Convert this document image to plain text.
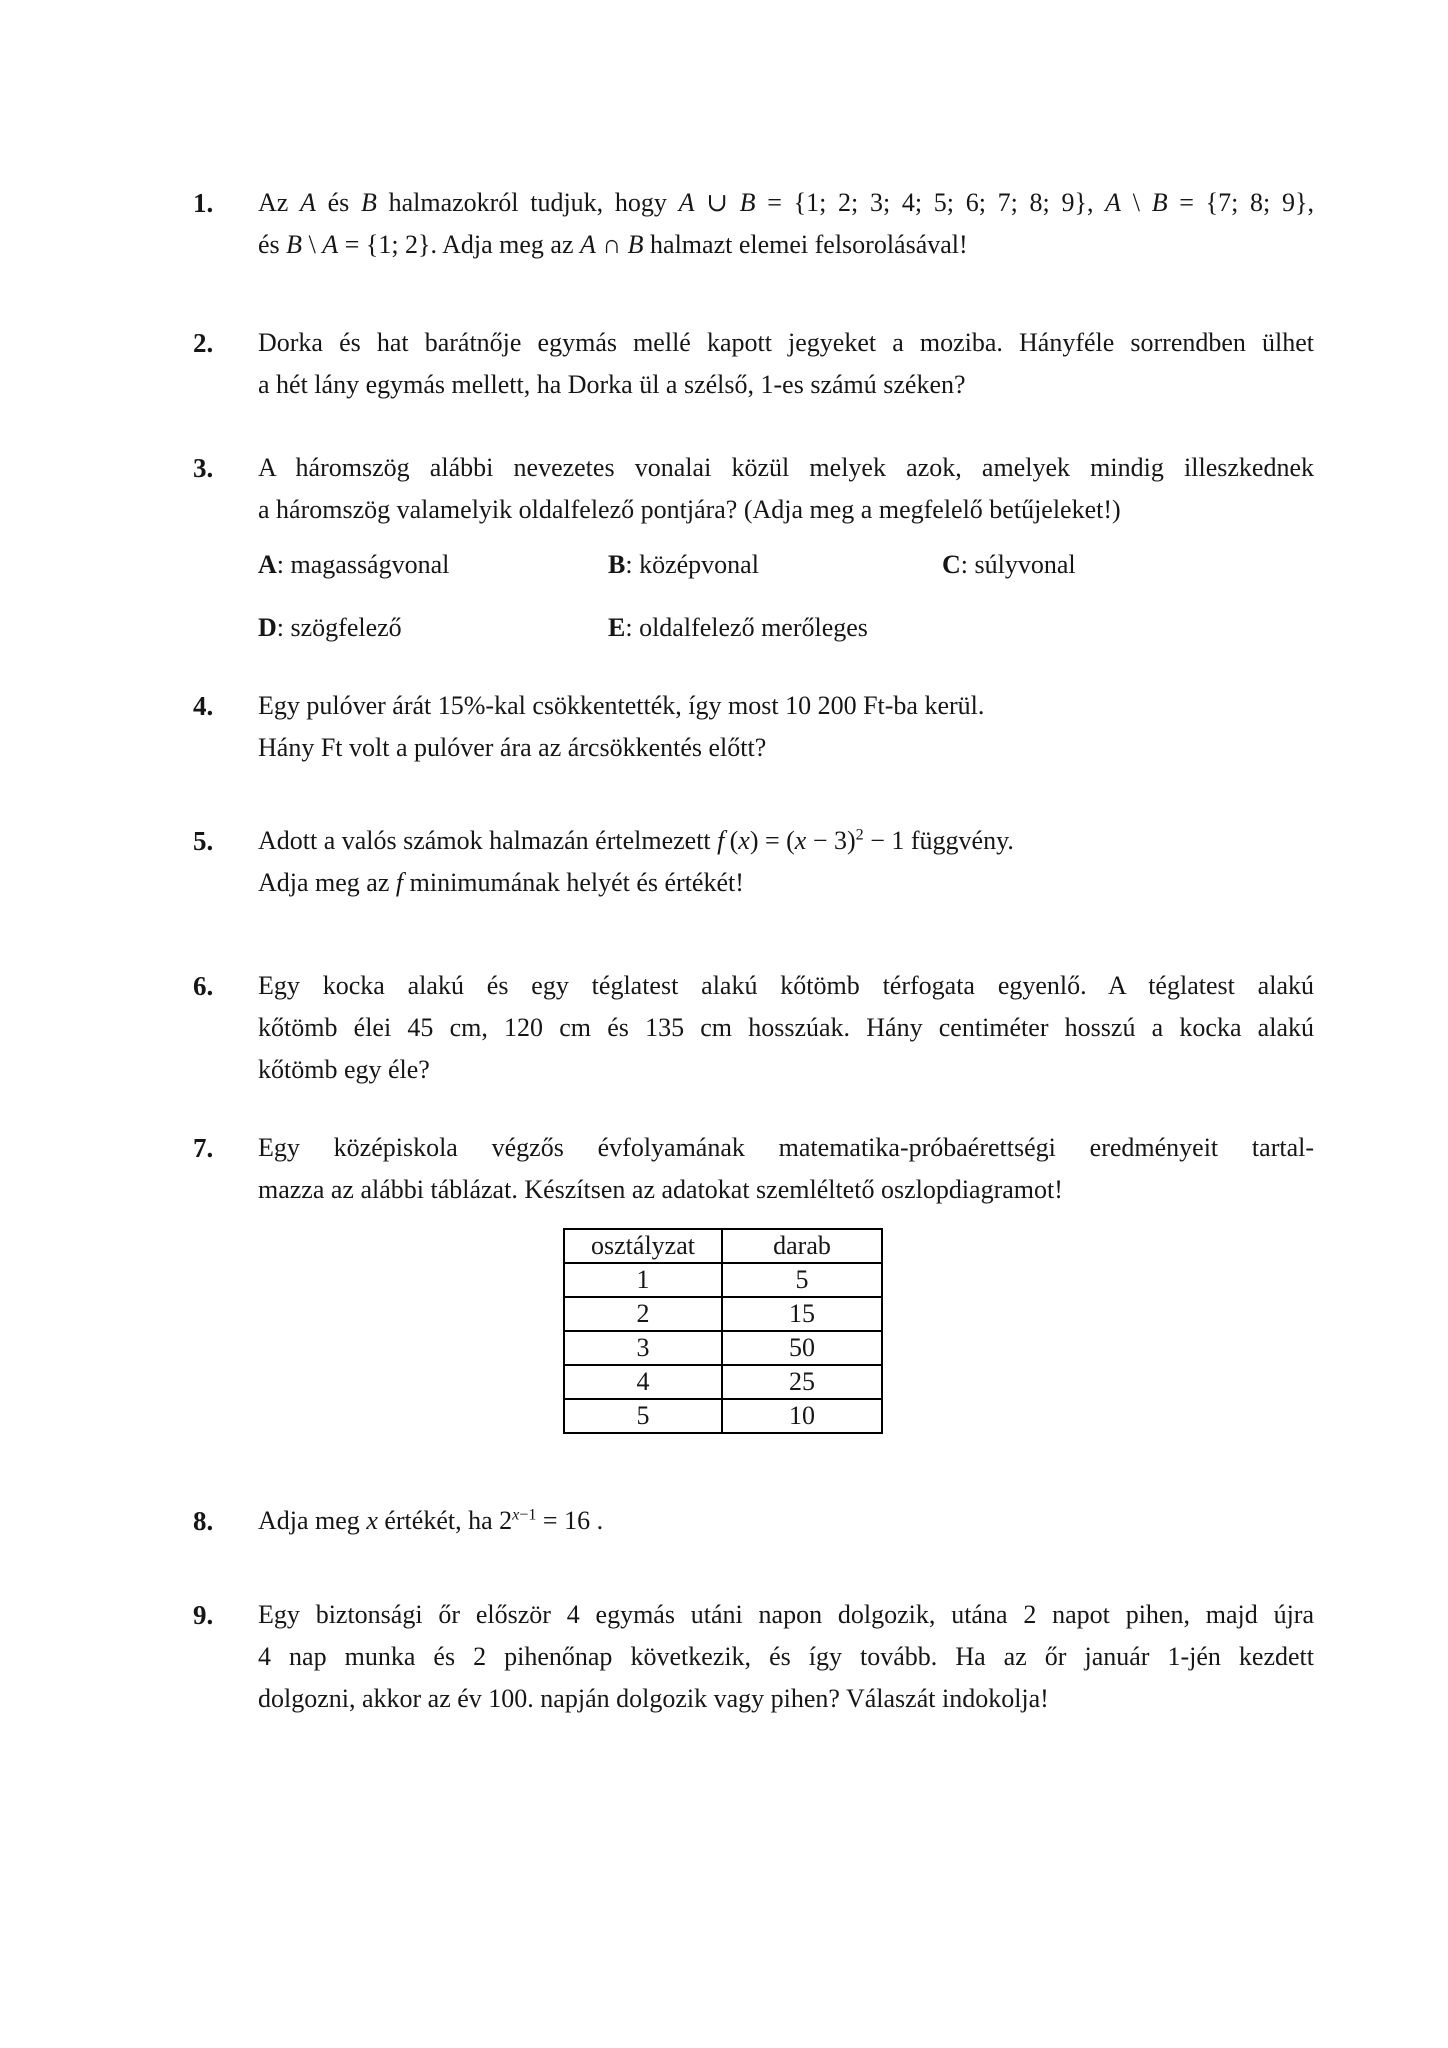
1. Az A és B halmazokról tudjuk, hogy A ∪ B = {1; 2; 3; 4; 5; 6; 7; 8; 9}, A \ B = {7; 8; 9},
és B \ A = {1; 2}. Adja meg az A ∩ B halmazt elemei felsorolásával!
2. Dorka és hat barátnője egymás mellé kapott jegyeket a moziba. Hányféle sorrendben ülhet
a hét lány egymás mellett, ha Dorka ül a szélső, 1-es számú széken?
3. A háromszög alábbi nevezetes vonalai közül melyek azok, amelyek mindig illeszkednek
a háromszög valamelyik oldalfelező pontjára? (Adja meg a megfelelő betűjeleket!)
A: magasságvonal	B: középvonal	C: súlyvonal
D: szögfelező	E: oldalfelező merőleges
4. Egy pulóver árát 15%-kal csökkentették, így most 10 200 Ft-ba kerül.
Hány Ft volt a pulóver ára az árcsökkentés előtt?
5. Adott a valós számok halmazán értelmezett f $(x) = (x - 3)^2 - 1$ függvény.
Adja meg az f minimumának helyét és értékét!
6. Egy kocka alakú és egy téglatest alakú kőtömb térfogata egyenlő. A téglatest alakú
kőtömb élei 45 cm, 120 cm és 135 cm hosszúak. Hány centiméter hosszú a kocka alakú
kőtömb egy éle?
7. Egy középiskola végzős évfolyamának matematika-próbaérettségi eredményeit tartal-
mazza az alábbi táblázat. Készítsen az adatokat szemléltető oszlopdiagramot!
osztályzat	darab
1	5
2	15
3	50
4	25
5	10
8. Adja meg x értékét, ha $2^{x-1} = 16$ .
9. Egy biztonsági őr először 4 egymás utáni napon dolgozik, utána 2 napot pihen, majd újra
4 nap munka és 2 pihenőnap következik, és így tovább. Ha az őr január 1-jén kezdett
dolgozni, akkor az év 100. napján dolgozik vagy pihen? Válaszát indokolja!
